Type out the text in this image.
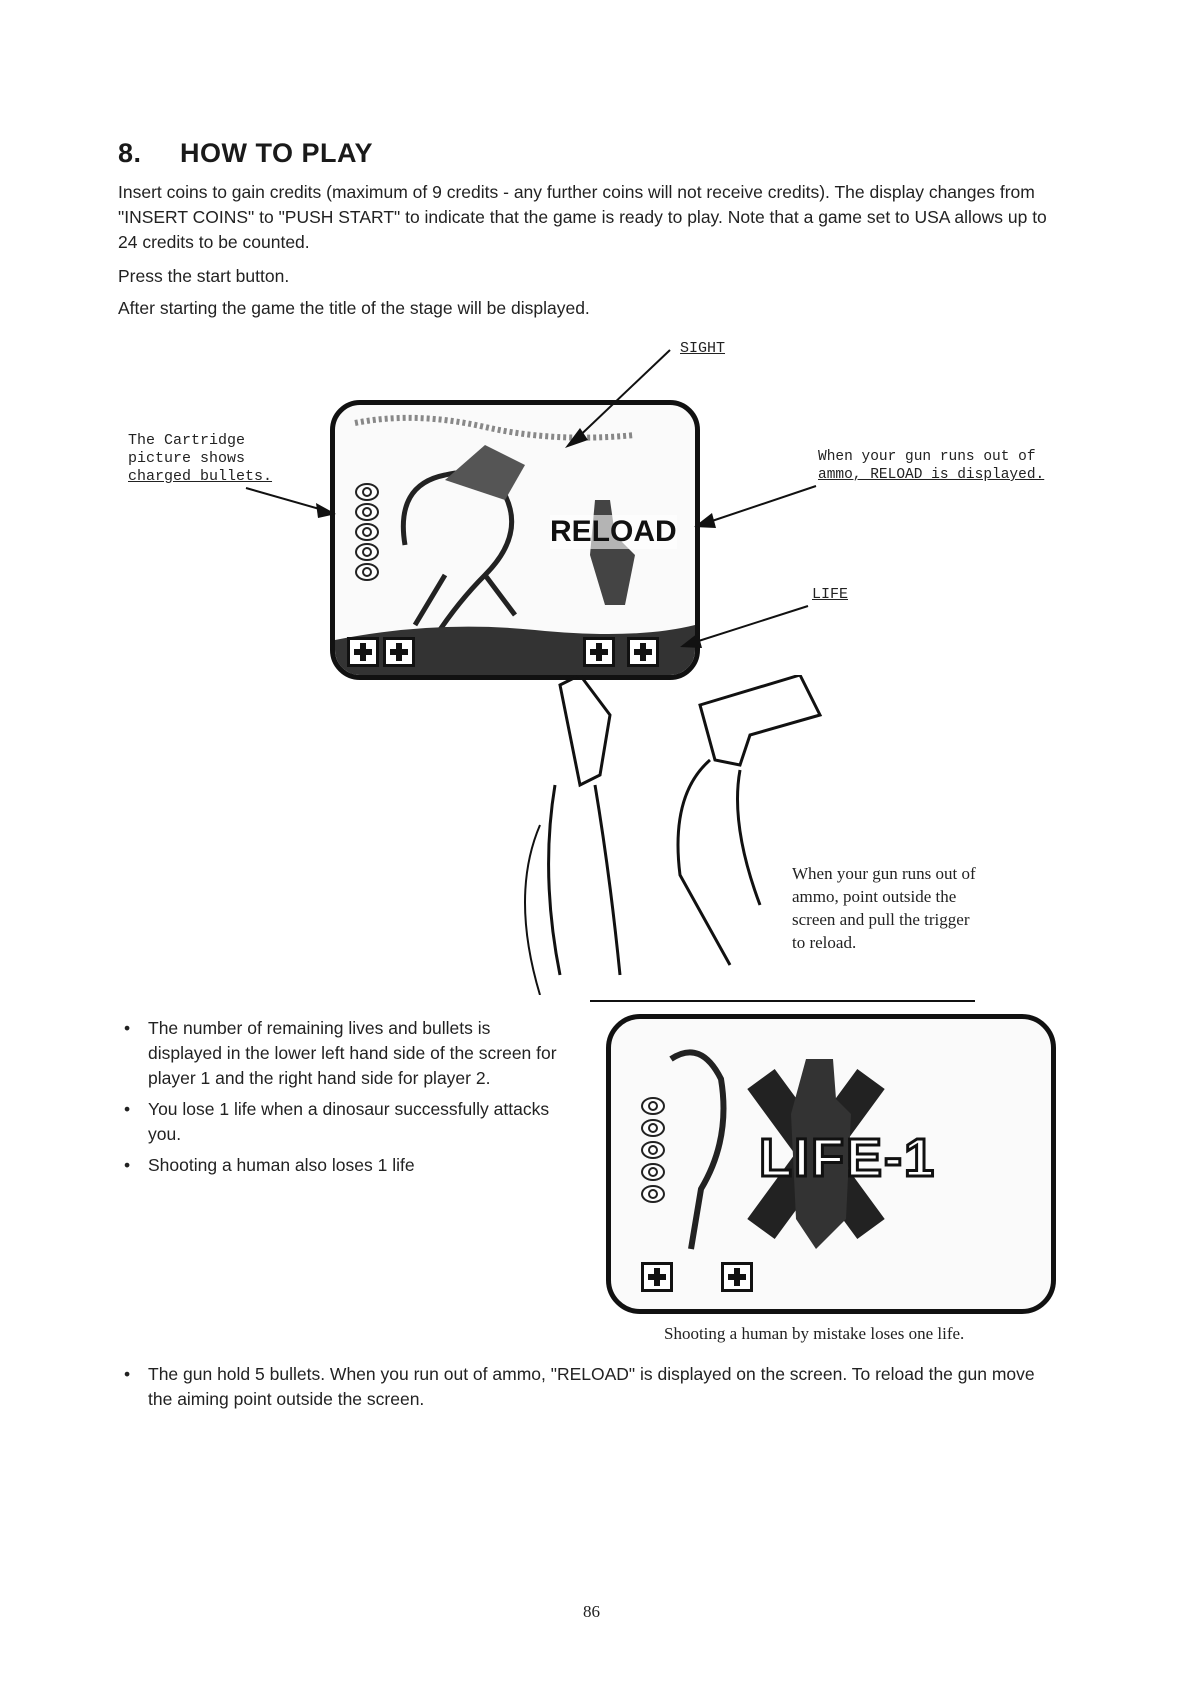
8. HOW TO PLAY

Insert coins to gain credits (maximum of 9 credits - any further coins will not receive credits). The display changes from "INSERT COINS" to "PUSH START" to indicate that the game is ready to play. Note that a game set to USA allows up to 24 credits to be counted.

Press the start button.

After starting the game the title of the stage will be displayed.

SIGHT
The Cartridge
picture shows
charged bullets.
When your gun runs out of
ammo, RELOAD is displayed.
LIFE
RELOAD
When your gun runs out of
ammo, point outside the
screen and pull the trigger
to reload.
• The number of remaining lives and bullets is displayed in the lower left hand side of the screen for player 1 and the right hand side for player 2.
• You lose 1 life when a dinosaur successfully attacks you.
• Shooting a human also loses 1 life	LIFE-1
Shooting a human by mistake loses one life.
• The gun hold 5 bullets. When you run out of ammo, "RELOAD" is displayed on the screen. To reload the gun move the aiming point outside the screen.
86
